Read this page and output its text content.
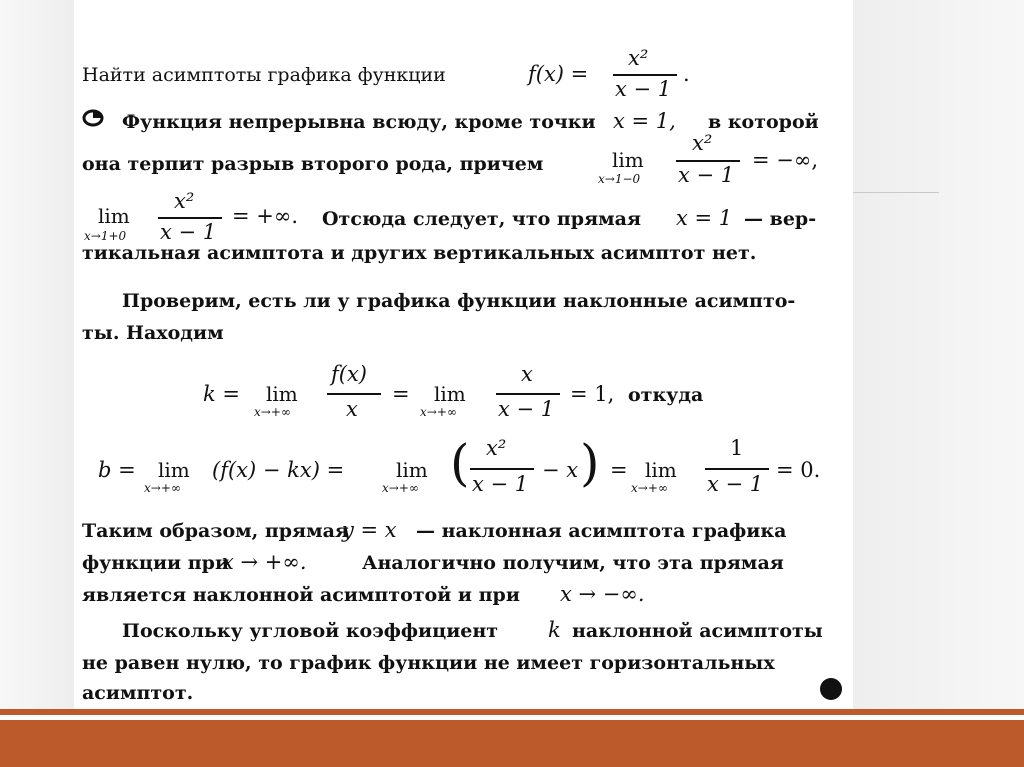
Найти асимптоты графика функции	f(x) =
x²
x − 1
.
Функция непрерывна всюду, кроме точки x = 1, в которой
она терпит разрыв второго рода, причем	lim
x→1−0
x²
x − 1
= −∞,
lim
x→1+0
x²
x − 1
= +∞. Отсюда следует, что прямая x = 1 — вер-
тикальная асимптота и других вертикальных асимптот нет.
Проверим, есть ли у графика функции наклонные асимпто-
ты. Находим
k = lim
x→+∞
f(x)
x
= lim
x→+∞
x
x − 1
= 1, откуда
b = lim
x→+∞
(f(x) − kx) =	lim
x→+∞ ( x²
x − 1
− x ) = lim
x→+∞
1
x − 1
= 0.
Таким образом, прямая
y = x — наклонная асимптота графика
функции при
x → +∞.	Аналогично получим, что эта прямая
является наклонной асимптотой и при x → −∞.
Поскольку угловой коэффициент k наклонной асимптоты
не равен нулю, то график функции не имеет горизонтальных
асимптот.
